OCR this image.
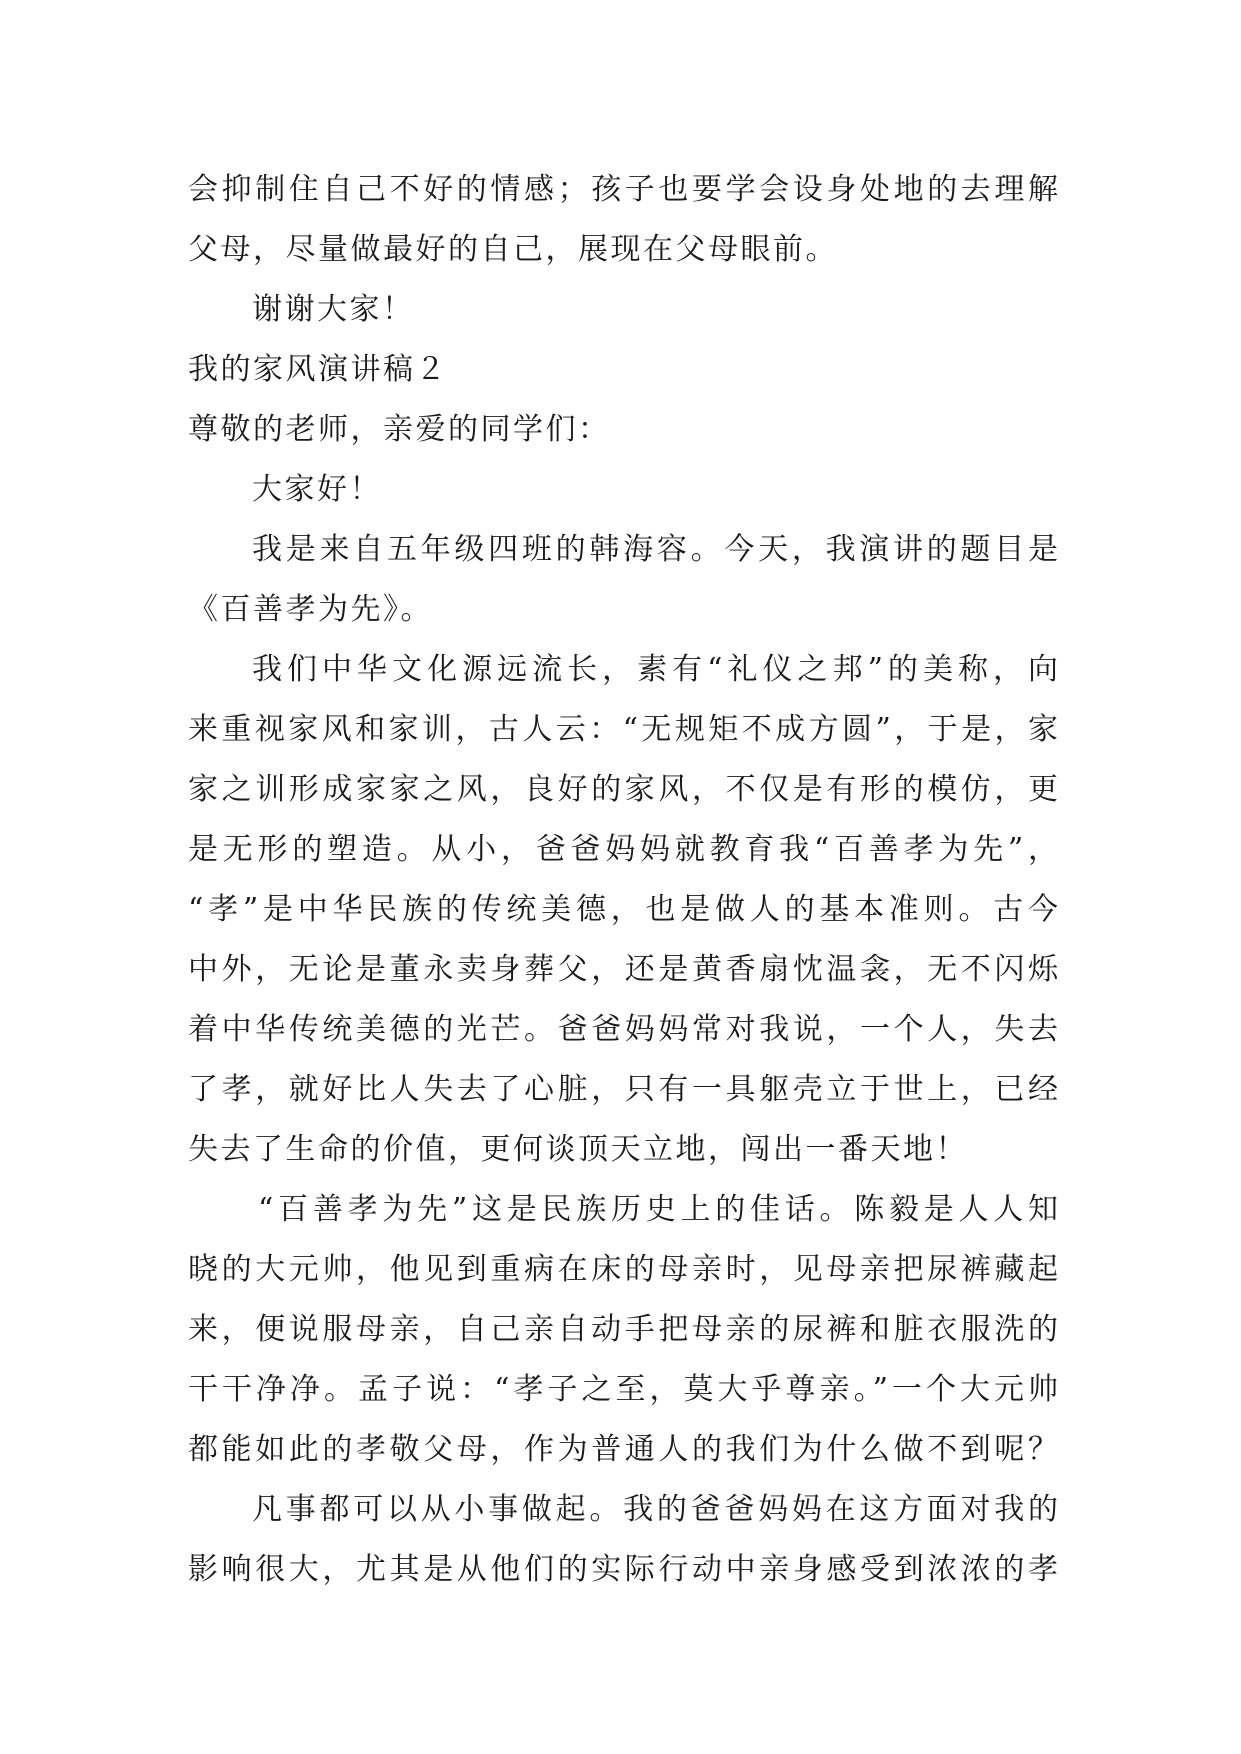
会抑制住自己不好的情感；孩子也要学会设身处地的去理解
父母，尽量做最好的自己，展现在父母眼前。
谢谢大家！
我的家风演讲稿２
尊敬的老师，亲爱的同学们：
大家好！
我是来自五年级四班的韩海容。今天，我演讲的题目是
《百善孝为先》。
我们中华文化源远流长，素有“礼仪之邦”的美称，向
来重视家风和家训，古人云：“无规矩不成方圆”，于是，家
家之训形成家家之风，良好的家风，不仅是有形的模仿，更
是无形的塑造。从小，爸爸妈妈就教育我“百善孝为先”，
“孝”是中华民族的传统美德，也是做人的基本准则。古今
中外，无论是董永卖身葬父，还是黄香扇忱温衾，无不闪烁
着中华传统美德的光芒。爸爸妈妈常对我说，一个人，失去
了孝，就好比人失去了心脏，只有一具躯壳立于世上，已经
失去了生命的价值，更何谈顶天立地，闯出一番天地！
“百善孝为先”这是民族历史上的佳话。陈毅是人人知
晓的大元帅，他见到重病在床的母亲时，见母亲把尿裤藏起
来，便说服母亲，自己亲自动手把母亲的尿裤和脏衣服洗的
干干净净。孟子说：“孝子之至，莫大乎尊亲。”一个大元帅
都能如此的孝敬父母，作为普通人的我们为什么做不到呢？
凡事都可以从小事做起。我的爸爸妈妈在这方面对我的
影响很大，尤其是从他们的实际行动中亲身感受到浓浓的孝
